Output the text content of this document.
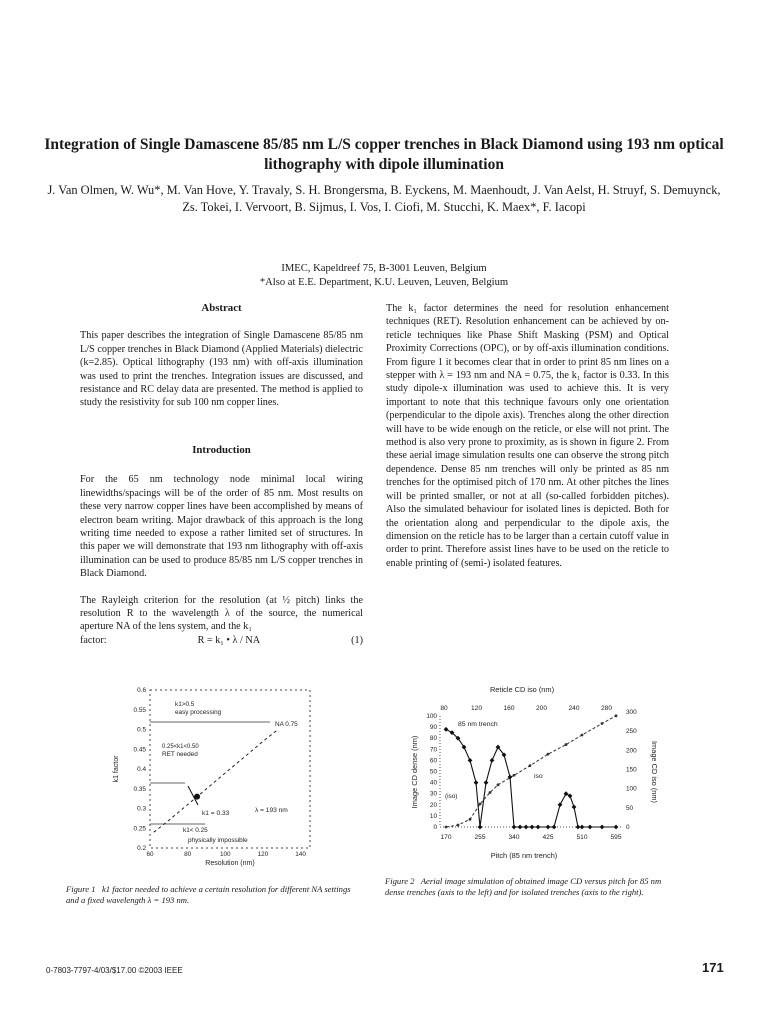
Integration of Single Damascene 85/85 nm L/S copper trenches in Black Diamond using 193 nm optical lithography with dipole illumination
J. Van Olmen, W. Wu*, M. Van Hove, Y. Travaly, S. H. Brongersma, B. Eyckens, M. Maenhoudt, J. Van Aelst, H. Struyf, S. Demuynck, Zs. Tokei, I. Vervoort, B. Sijmus, I. Vos, I. Ciofi, M. Stucchi, K. Maex*, F. Iacopi
IMEC, Kapeldreef 75, B-3001 Leuven, Belgium
*Also at E.E. Department, K.U. Leuven, Leuven, Belgium
Abstract
This paper describes the integration of Single Damascene 85/85 nm L/S copper trenches in Black Diamond (Applied Materials) dielectric (k=2.85). Optical lithography (193 nm) with off-axis illumination was used to print the trenches. Integration issues are discussed, and resistance and RC delay data are presented. The method is applied to study the resistivity for sub 100 nm copper lines.
Introduction
For the 65 nm technology node minimal local wiring linewidths/spacings will be of the order of 85 nm. Most results on these very narrow copper lines have been accomplished by means of electron beam writing. Major drawback of this approach is the long writing time needed to expose a rather limited set of structures. In this paper we will demonstrate that 193 nm lithography with off-axis illumination can be used to produce 85/85 nm L/S copper trenches in Black Diamond.
The Rayleigh criterion for the resolution (at ½ pitch) links the resolution R to the wavelength λ of the source, the numerical aperture NA of the lens system, and the k₁
factor:	R = k₁ • λ / NA	(1)
The k₁ factor determines the need for resolution enhancement techniques (RET). Resolution enhancement can be achieved by on-reticle techniques like Phase Shift Masking (PSM) and Optical Proximity Corrections (OPC), or by off-axis illumination conditions. From figure 1 it becomes clear that in order to print 85 nm lines on a stepper with λ = 193 nm and NA = 0.75, the k₁ factor is 0.33. In this study dipole-x illumination was used to achieve this. It is very important to note that this technique favours only one orientation (perpendicular to the dipole axis). Trenches along the other direction will have to be wide enough on the reticle, or else will not print. The method is also very prone to proximity, as is shown in figure 2. From these aerial image simulation results one can observe the strong pitch dependence. Dense 85 nm trenches will only be printed as 85 nm trenches for the optimised pitch of 170 nm. At other pitches the lines will be printed smaller, or not at all (so-called forbidden pitches). Also the simulated behaviour for isolated lines is depicted. Both for the orientation along and perpendicular to the dipole axis, the dimension on the reticle has to be larger than a certain cutoff value in order to print. Therefore assist lines have to be used on the reticle to enable printing of (semi-) isolated features.
0.2
0.25
0.3
0.35
0.4
0.45
0.5
0.55
0.6
60	80	100	120	140
k1>0.5
easy processing
0.25<k1<0.50
RET needed
k1< 0.25
physically impossible
k1 = 0.33	λ = 193 nm
NA 0.75
Resolution (nm)
k1 factor
Figure 1 k1 factor needed to achieve a certain resolution for different NA settings and a fixed wavelength λ = 193 nm.
Reticle CD iso (nm)
80	120	160	200	240	280
0
10
20
30
40
50
60
70
80
90
100
0
50
100
150
200
250
300
170	255	340	425	510	595
85 nm trench
iso
(iso)
Pitch (85 nm trench)
Image CD dense (nm)	Image CD iso (nm)
Figure 2 Aerial image simulation of obtained image CD versus pitch for 85 nm dense trenches (axis to the left) and for isolated trenches (axis to the right).
0-7803-7797-4/03/$17.00 ©2003 IEEE	171
